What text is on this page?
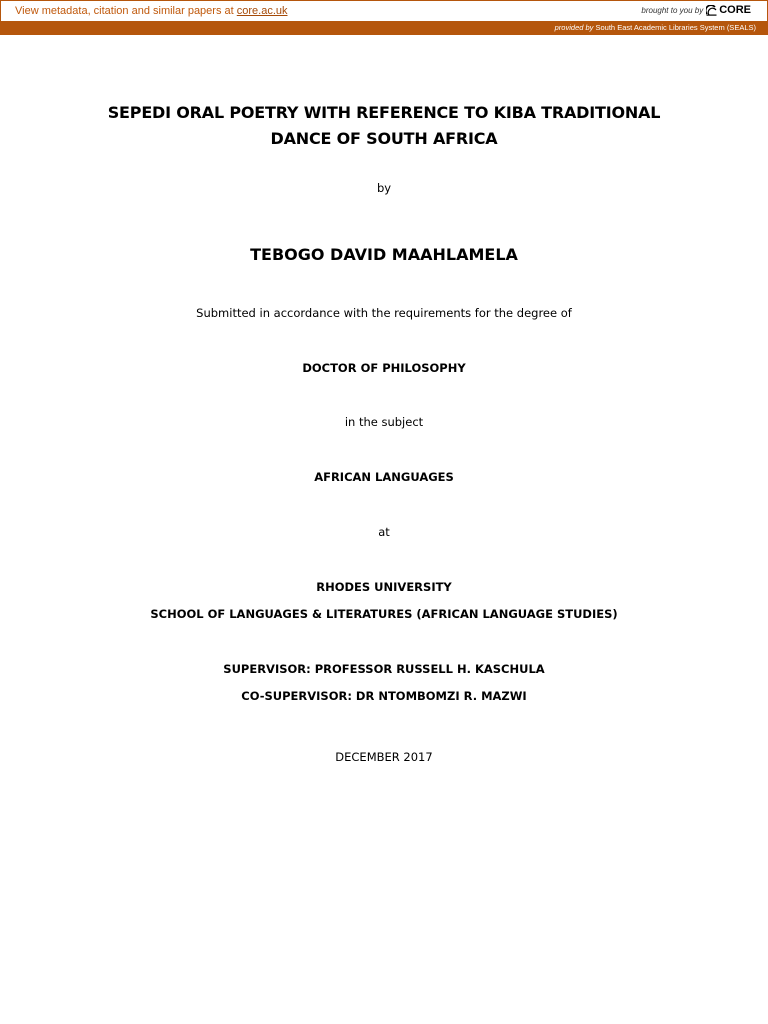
View metadata, citation and similar papers at core.ac.uk	brought to you by CORE
provided by South East Academic Libraries System (SEALS)
SEPEDI ORAL POETRY WITH REFERENCE TO KIBA TRADITIONAL
DANCE OF SOUTH AFRICA
by
TEBOGO DAVID MAAHLAMELA
Submitted in accordance with the requirements for the degree of
DOCTOR OF PHILOSOPHY
in the subject
AFRICAN LANGUAGES
at
RHODES UNIVERSITY
SCHOOL OF LANGUAGES & LITERATURES (AFRICAN LANGUAGE STUDIES)
SUPERVISOR: PROFESSOR RUSSELL H. KASCHULA
CO-SUPERVISOR: DR NTOMBOMZI R. MAZWI
DECEMBER 2017
